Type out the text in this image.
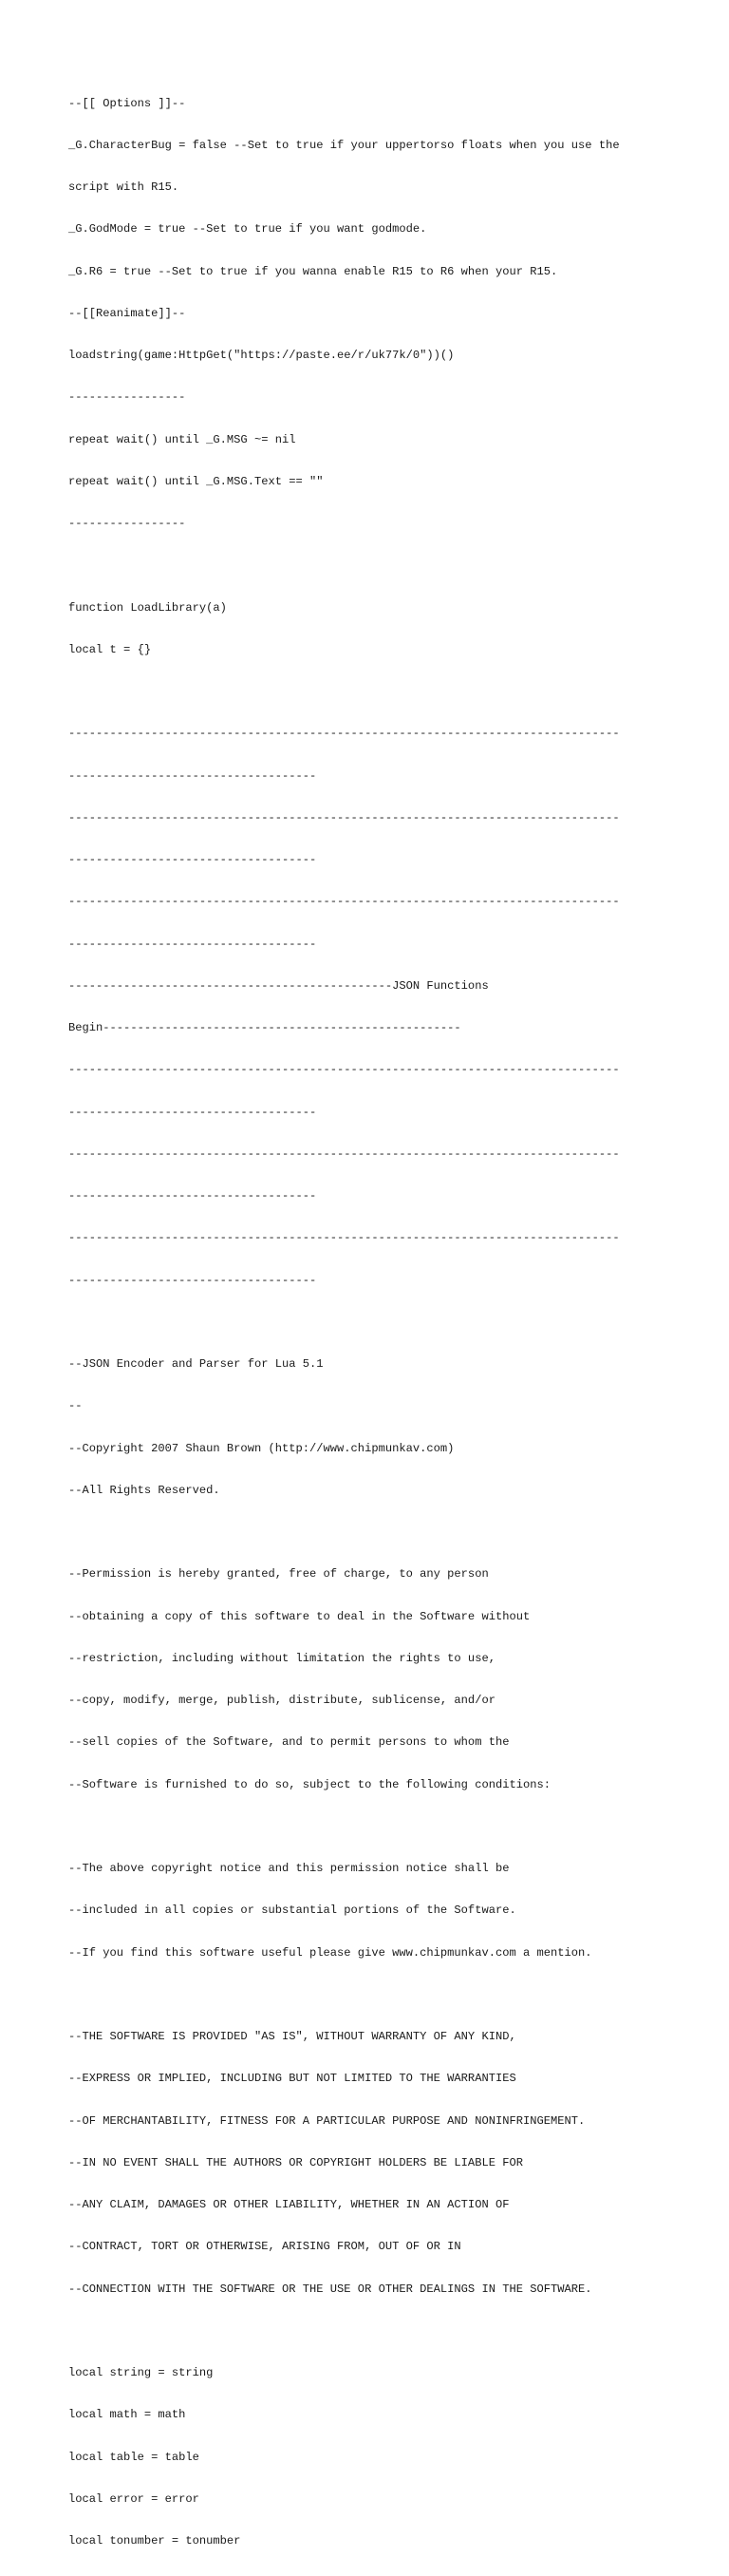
--[[ Options ]]--

_G.CharacterBug = false --Set to true if your uppertorso floats when you use the

script with R15.

_G.GodMode = true --Set to true if you want godmode.

_G.R6 = true --Set to true if you wanna enable R15 to R6 when your R15.

--[[Reanimate]]--

loadstring(game:HttpGet("https://paste.ee/r/uk77k/0"))()

-----------------

repeat wait() until _G.MSG ~= nil

repeat wait() until _G.MSG.Text == ""

-----------------

function LoadLibrary(a)

local t = {}

--------------------------------------------------------------------------------

------------------------------------

--------------------------------------------------------------------------------

------------------------------------

--------------------------------------------------------------------------------

------------------------------------

-----------------------------------------------JSON Functions

Begin----------------------------------------------------

--------------------------------------------------------------------------------

------------------------------------

--------------------------------------------------------------------------------

------------------------------------

--------------------------------------------------------------------------------

------------------------------------

--JSON Encoder and Parser for Lua 5.1

--

--Copyright 2007 Shaun Brown (http://www.chipmunkav.com)

--All Rights Reserved.

--Permission is hereby granted, free of charge, to any person

--obtaining a copy of this software to deal in the Software without

--restriction, including without limitation the rights to use,

--copy, modify, merge, publish, distribute, sublicense, and/or

--sell copies of the Software, and to permit persons to whom the

--Software is furnished to do so, subject to the following conditions:

--The above copyright notice and this permission notice shall be

--included in all copies or substantial portions of the Software.

--If you find this software useful please give www.chipmunkav.com a mention.

--THE SOFTWARE IS PROVIDED "AS IS", WITHOUT WARRANTY OF ANY KIND,

--EXPRESS OR IMPLIED, INCLUDING BUT NOT LIMITED TO THE WARRANTIES

--OF MERCHANTABILITY, FITNESS FOR A PARTICULAR PURPOSE AND NONINFRINGEMENT.

--IN NO EVENT SHALL THE AUTHORS OR COPYRIGHT HOLDERS BE LIABLE FOR

--ANY CLAIM, DAMAGES OR OTHER LIABILITY, WHETHER IN AN ACTION OF

--CONTRACT, TORT OR OTHERWISE, ARISING FROM, OUT OF OR IN

--CONNECTION WITH THE SOFTWARE OR THE USE OR OTHER DEALINGS IN THE SOFTWARE.

local string = string

local math = math

local table = table

local error = error

local tonumber = tonumber
